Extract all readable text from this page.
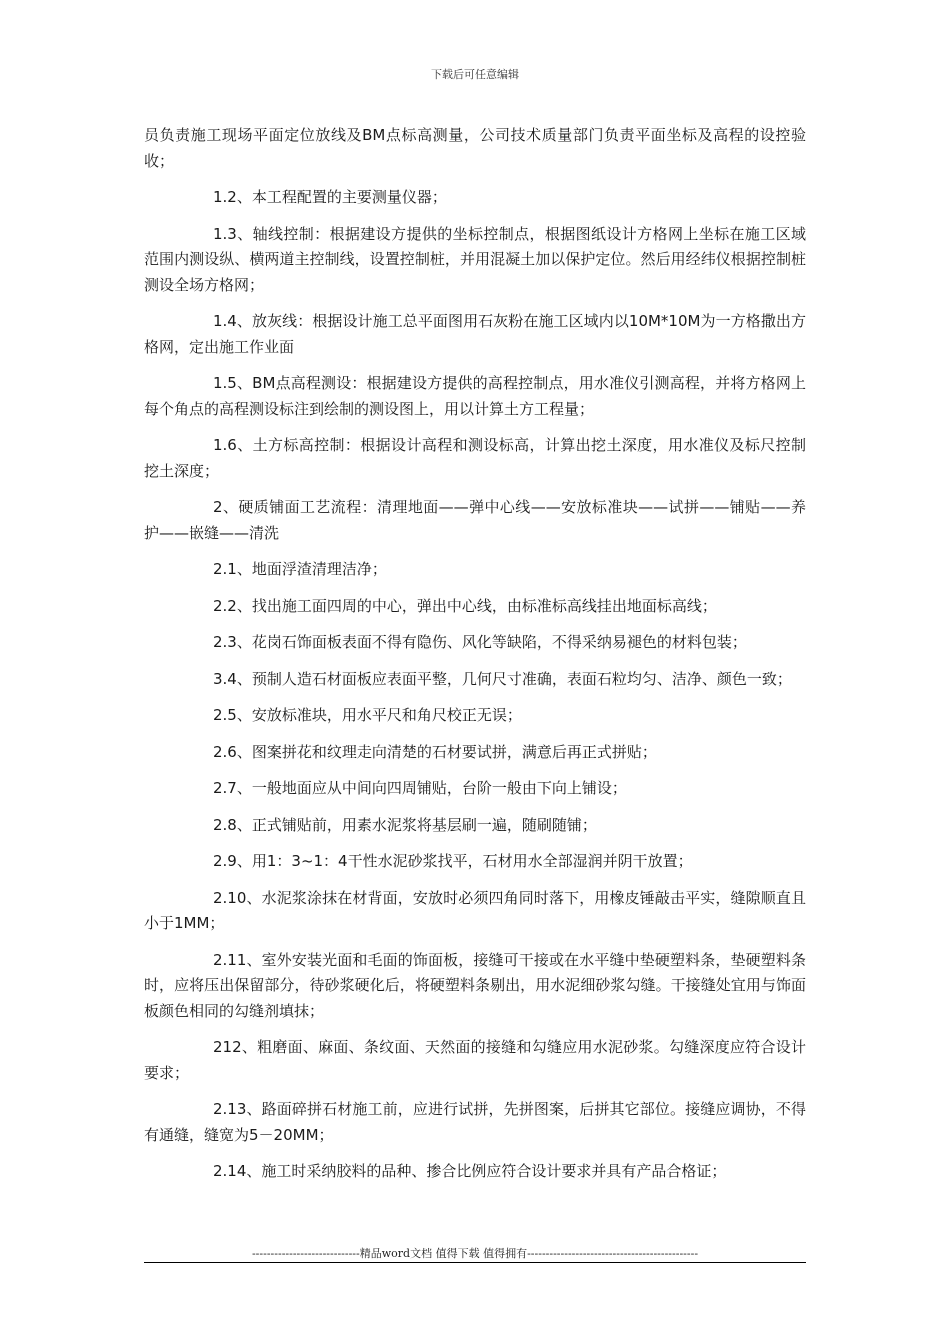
下载后可任意编辑

员负责施工现场平面定位放线及BM点标高测量，公司技术质量部门负责平面坐标及高程的设控验收；

1.2、本工程配置的主要测量仪器；

1.3、轴线控制：根据建设方提供的坐标控制点，根据图纸设计方格网上坐标在施工区域范围内测设纵、横两道主控制线，设置控制桩，并用混凝土加以保护定位。然后用经纬仪根据控制桩测设全场方格网；

1.4、放灰线：根据设计施工总平面图用石灰粉在施工区域内以10M*10M为一方格撒出方格网，定出施工作业面

1.5、BM点高程测设：根据建设方提供的高程控制点，用水准仪引测高程，并将方格网上每个角点的高程测设标注到绘制的测设图上，用以计算土方工程量；

1.6、土方标高控制：根据设计高程和测设标高，计算出挖土深度，用水准仪及标尺控制挖土深度；

2、硬质铺面工艺流程：清理地面——弹中心线——安放标准块——试拼——铺贴——养护——嵌缝——清洗

2.1、地面浮渣清理洁净；

2.2、找出施工面四周的中心，弹出中心线，由标准标高线挂出地面标高线；

2.3、花岗石饰面板表面不得有隐伤、风化等缺陷，不得采纳易褪色的材料包装；

3.4、预制人造石材面板应表面平整，几何尺寸准确，表面石粒均匀、洁净、颜色一致；

2.5、安放标准块，用水平尺和角尺校正无误；

2.6、图案拼花和纹理走向清楚的石材要试拼，满意后再正式拼贴；

2.7、一般地面应从中间向四周铺贴，台阶一般由下向上铺设；

2.8、正式铺贴前，用素水泥浆将基层刷一遍，随刷随铺；

2.9、用1：3~1：4干性水泥砂浆找平，石材用水全部湿润并阴干放置；

2.10、水泥浆涂抹在材背面，安放时必须四角同时落下，用橡皮锤敲击平实，缝隙顺直且小于1MM；

2.11、室外安装光面和毛面的饰面板，接缝可干接或在水平缝中垫硬塑料条，垫硬塑料条时，应将压出保留部分，待砂浆硬化后，将硬塑料条剔出，用水泥细砂浆勾缝。干接缝处宜用与饰面板颜色相同的勾缝剂填抹；

212、粗磨面、麻面、条纹面、天然面的接缝和勾缝应用水泥砂浆。勾缝深度应符合设计要求；

2.13、路面碎拼石材施工前，应进行试拼，先拼图案，后拼其它部位。接缝应调协，不得有通缝，缝宽为5－20MM；

2.14、施工时采纳胶料的品种、掺合比例应符合设计要求并具有产品合格证；

-----------------------------精品word文档 值得下载 值得拥有----------------------------------------------
